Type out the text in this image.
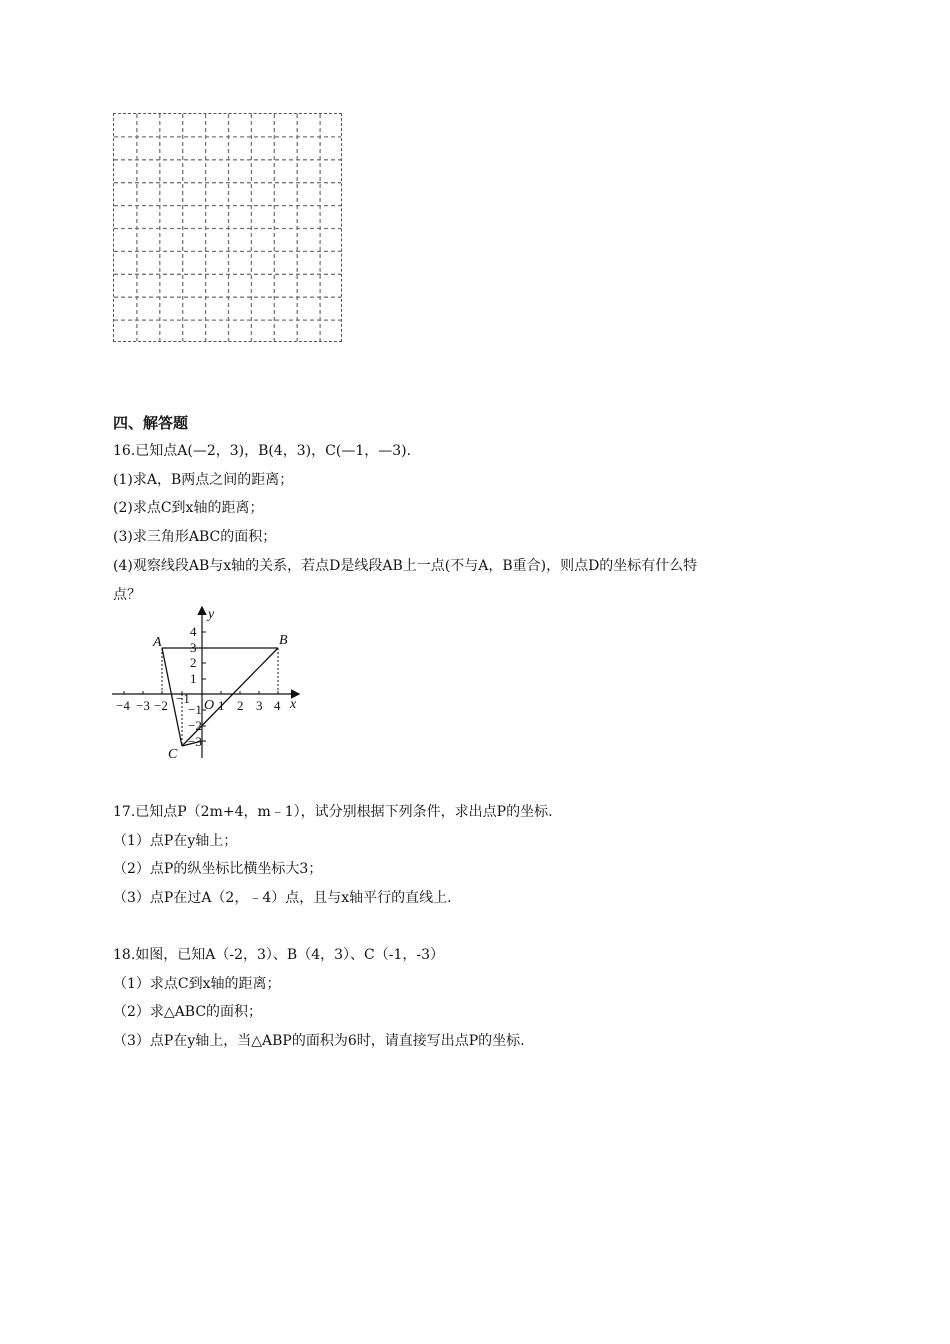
四、解答题
16.已知点A(—2，3)，B(4，3)，C(—1，—3).
(1)求A，B两点之间的距离；
(2)求点C到x轴的距离；
(3)求三角形ABC的面积；
(4)观察线段AB与x轴的关系，若点D是线段AB上一点(不与A，B重合)，则点D的坐标有什么特
点？
−4 −3 −2 −1 1 2 3 4
4
3
2
1
−1
−2
−3
y
x
O
A	B
C
17.已知点P（2m+4，m﹣1），试分别根据下列条件，求出点P的坐标.
（1）点P在y轴上；
（2）点P的纵坐标比横坐标大3；
（3）点P在过A（2，﹣4）点，且与x轴平行的直线上.
18.如图，已知A（-2，3）、B（4，3）、C（-1，-3）
（1）求点C到x轴的距离；
（2）求△ABC的面积；
（3）点P在y轴上，当△ABP的面积为6时，请直接写出点P的坐标.
